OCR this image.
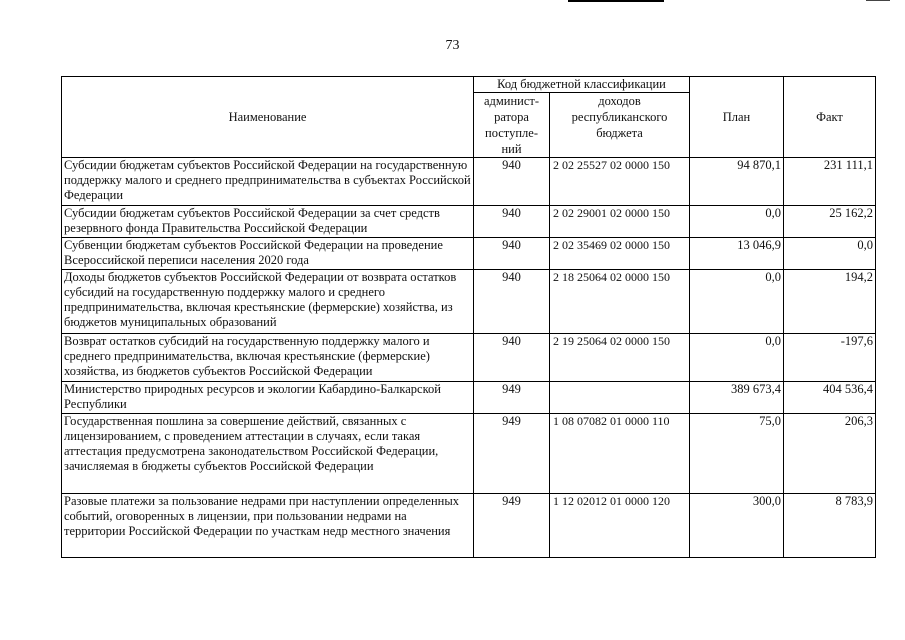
73
Наименование	Код бюджетной классификации		План	Факт
	админист-ратора поступле-ний	доходов республиканского бюджета		
Субсидии бюджетам субъектов Российской Федерации на государственную поддержку малого и среднего предпринимательства в субъектах Российской Федерации	940	2 02 25527 02 0000 150	94 870,1	231 111,1
Субсидии бюджетам субъектов Российской Федерации за счет средств резервного фонда Правительства Российской Федерации	940	2 02 29001 02 0000 150	0,0	25 162,2
Субвенции бюджетам субъектов Российской Федерации на проведение Всероссийской переписи населения 2020 года	940	2 02 35469 02 0000 150	13 046,9	0,0
Доходы бюджетов субъектов Российской Федерации от возврата остатков субсидий на государственную поддержку малого и среднего предпринимательства, включая крестьянские (фермерские) хозяйства, из бюджетов муниципальных образований	940	2 18 25064 02 0000 150	0,0	194,2
Возврат остатков субсидий на государственную поддержку малого и среднего предпринимательства, включая крестьянские (фермерские) хозяйства, из бюджетов субъектов Российской Федерации	940	2 19 25064 02 0000 150	0,0	-197,6
Министерство природных ресурсов и экологии Кабардино-Балкарской Республики	949		389 673,4	404 536,4
Государственная пошлина за совершение действий, связанных с лицензированием, с проведением аттестации в случаях, если такая аттестация предусмотрена законодательством Российской Федерации, зачисляемая в бюджеты субъектов Российской Федерации	949	1 08 07082 01 0000 110	75,0	206,3
Разовые платежи за пользование недрами при наступлении определенных событий, оговоренных в лицензии, при пользовании недрами на территории Российской Федерации по участкам недр местного значения	949	1 12 02012 01 0000 120	300,0	8 783,9
